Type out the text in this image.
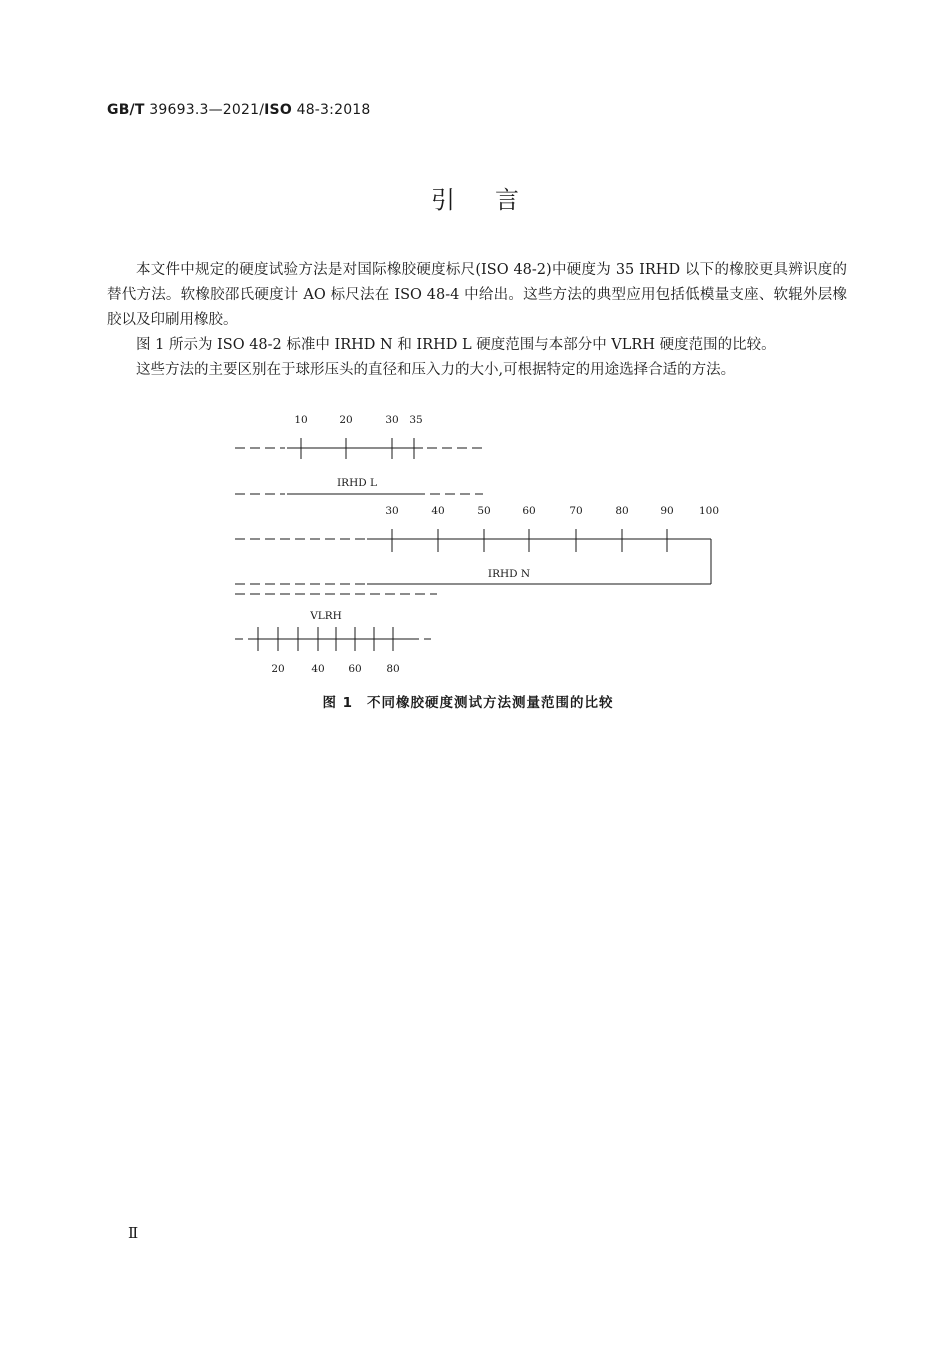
GB/T 39693.3—2021/ISO 48-3:2018
引言

本文件中规定的硬度试验方法是对国际橡胶硬度标尺(ISO 48-2)中硬度为 35 IRHD 以下的橡胶更具辨识度的替代方法。软橡胶邵氏硬度计 AO 标尺法在 ISO 48-4 中给出。这些方法的典型应用包括低模量支座、软辊外层橡胶以及印刷用橡胶。

图 1 所示为 ISO 48-2 标准中 IRHD N 和 IRHD L 硬度范围与本部分中 VLRH 硬度范围的比较。

这些方法的主要区别在于球形压头的直径和压入力的大小,可根据特定的用途选择合适的方法。

10	20	30 35
IRHD L
30	40	50	60	70	80	90 100
IRHD N
VLRH
20	40 60 80
图 1 不同橡胶硬度测试方法测量范围的比较
Ⅱ
